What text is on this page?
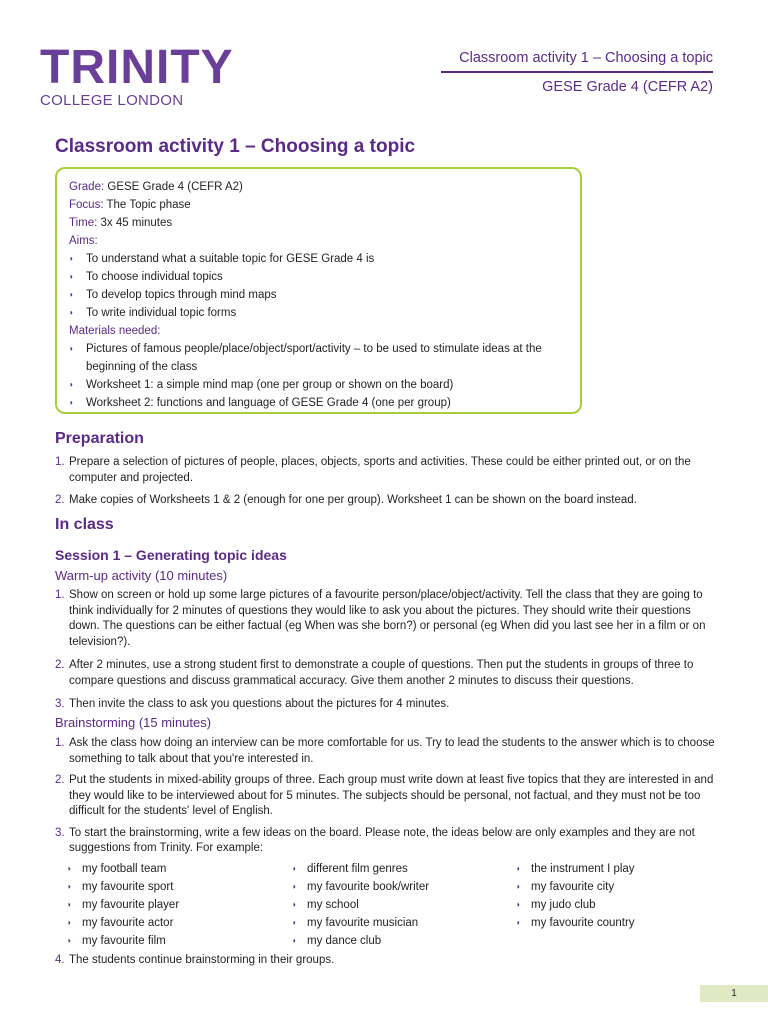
TRINITY
COLLEGE LONDON
Classroom activity 1 – Choosing a topic
GESE Grade 4 (CEFR A2)
Classroom activity 1 – Choosing a topic
Grade: GESE Grade 4 (CEFR A2)
Focus: The Topic phase
Time: 3x 45 minutes
Aims:
◗ To understand what a suitable topic for GESE Grade 4 is
◗ To choose individual topics
◗ To develop topics through mind maps
◗ To write individual topic forms
Materials needed:
◗ Pictures of famous people/place/object/sport/activity – to be used to stimulate ideas at the beginning of the class
◗ Worksheet 1: a simple mind map (one per group or shown on the board)
◗ Worksheet 2: functions and language of GESE Grade 4 (one per group)
Preparation
1. Prepare a selection of pictures of people, places, objects, sports and activities. These could be either printed out, or on the computer and projected.
2. Make copies of Worksheets 1 & 2 (enough for one per group). Worksheet 1 can be shown on the board instead.
In class
Session 1 – Generating topic ideas

Warm-up activity (10 minutes)

1. Show on screen or hold up some large pictures of a favourite person/place/object/activity. Tell the class that they are going to think individually for 2 minutes of questions they would like to ask you about the pictures. They should write their questions down. The questions can be either factual (eg When was she born?) or personal (eg When did you last see her in a film or on television?).
2. After 2 minutes, use a strong student first to demonstrate a couple of questions. Then put the students in groups of three to compare questions and discuss grammatical accuracy. Give them another 2 minutes to discuss their questions.
3. Then invite the class to ask you questions about the pictures for 4 minutes.

Brainstorming (15 minutes)

1. Ask the class how doing an interview can be more comfortable for us. Try to lead the students to the answer which is to choose something to talk about that you're interested in.
2. Put the students in mixed-ability groups of three. Each group must write down at least five topics that they are interested in and they would like to be interviewed about for 5 minutes. The subjects should be personal, not factual, and they must not be too difficult for the students' level of English.
3. To start the brainstorming, write a few ideas on the board. Please note, the ideas below are only examples and they are not suggestions from Trinity. For example:
◗ my football team
◗ my favourite sport
◗ my favourite player
◗ my favourite actor
◗ my favourite film
◗ different film genres
◗ my favourite book/writer
◗ my school
◗ my favourite musician
◗ my dance club
◗ the instrument I play
◗ my favourite city
◗ my judo club
◗ my favourite country
4. The students continue brainstorming in their groups.
1
